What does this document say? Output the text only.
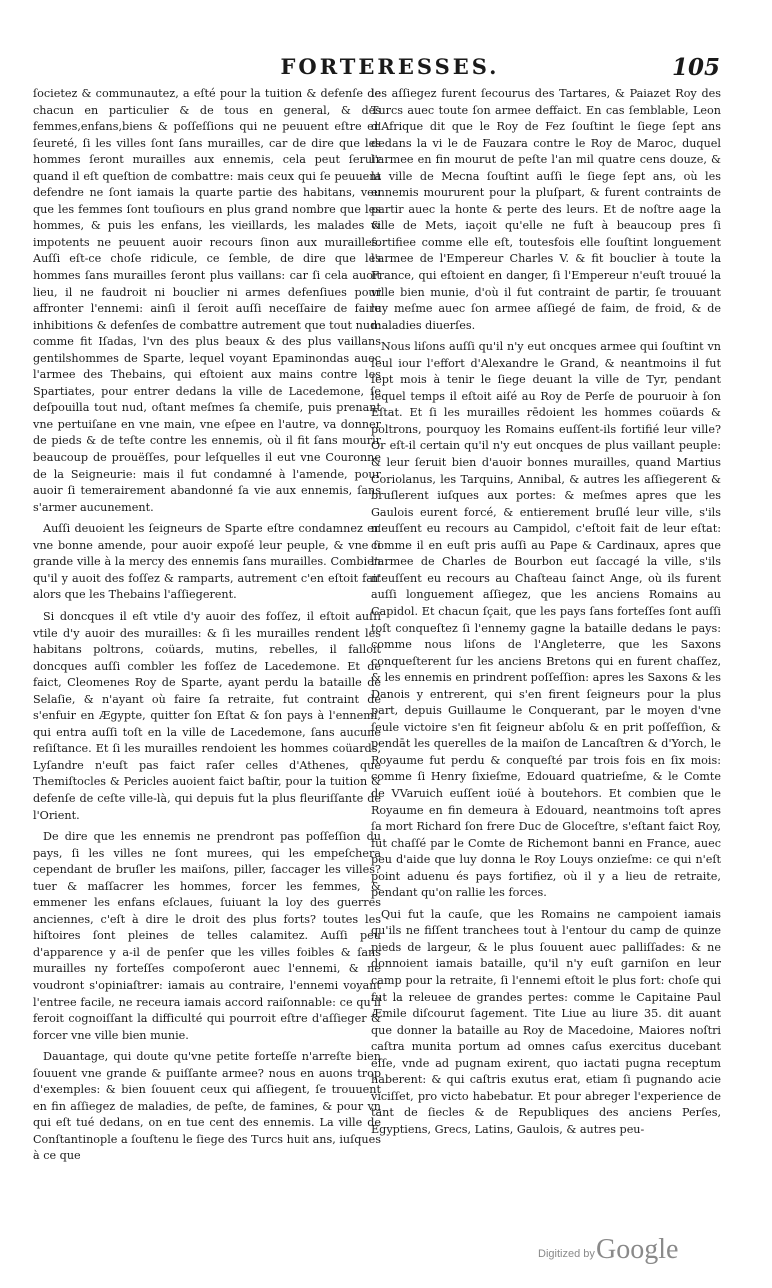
FORTERESSES.	105

ſocietez & communautez, a eſté pour la tuition & defenſe de chacun en particulier & de tous en general, & des femmes,enfans,biens & poſſeſſions qui ne peuuent eſtre en ſeureté, ſi les villes ſont ſans murailles, car de dire que les hommes ſeront murailles aux ennemis, cela peut ſeruir quand il eſt queſtion de combattre: mais ceux qui ſe peuuent defendre ne ſont iamais la quarte partie des habitans, veu que les femmes ſont touſiours en plus grand nombre que les hommes, & puis les enfans, les vieillards, les malades & impotents ne peuuent auoir recours ſinon aux murailles. Auſſi eſt-ce choſe ridicule, ce ſemble, de dire que les hommes ſans murailles ſeront plus vaillans: car ſi cela auoit lieu, il ne faudroit ni bouclier ni armes defenſiues pour affronter l'ennemi: ainſi il ſeroit auſſi neceſſaire de faire inhibitions & defenſes de combattre autrement que tout nud: comme fit Iſadas, l'vn des plus beaux & des plus vaillans gentilshommes de Sparte, lequel voyant Epaminondas auec l'armee des Thebains, qui eſtoient aux mains contre les Spartiates, pour entrer dedans la ville de Lacedemone, ſe deſpouilla tout nud, oſtant meſmes ſa chemiſe, puis prenant vne pertuiſane en vne main, vne eſpee en l'autre, va donner de pieds & de teſte contre les ennemis, où il fit ſans mourir beaucoup de prouëſſes, pour leſquelles il eut vne Couronne de la Seigneurie: mais il fut condamné à l'amende, pour auoir ſi temerairement abandonné ſa vie aux ennemis, ſans s'armer aucunement.

Auſſi deuoient les ſeigneurs de Sparte eſtre condamnez en vne bonne amende, pour auoir expoſé leur peuple, & vne ſi grande ville à la mercy des ennemis ſans murailles. Combien qu'il y auoit des foſſez & ramparts, autrement c'en eſtoit fait alors que les Thebains l'aſſiegerent.

Si doncques il eſt vtile d'y auoir des foſſez, il eſtoit auſſi vtile d'y auoir des murailles: & ſi les murailles rendent les habitans poltrons, coüards, mutins, rebelles, il falloit doncques auſſi combler les foſſez de Lacedemone. Et de faict, Cleomenes Roy de Sparte, ayant perdu la bataille de Selaſie, & n'ayant où faire ſa retraite, fut contraint de s'enfuir en Ægypte, quitter ſon Eſtat & ſon pays à l'ennemi, qui entra auſſi toſt en la ville de Lacedemone, ſans aucune reſiſtance. Et ſi les murailles rendoient les hommes coüards, Lyſandre n'euſt pas faict raſer celles d'Athenes, que Themiſtocles & Pericles auoient faict baſtir, pour la tuition & defenſe de ceſte ville-là, qui depuis fut la plus fleuriſſante de l'Orient.

De dire que les ennemis ne prendront pas poſſeſſion du pays, ſi les villes ne ſont murees, qui les empeſchera cependant de bruſler les maiſons, piller, ſaccager les villes? tuer & maſſacrer les hommes, forcer les femmes, & emmener les enfans eſclaues, ſuiuant la loy des guerres anciennes, c'eſt à dire le droit des plus forts? toutes les hiſtoires ſont pleines de telles calamitez. Auſſi peu d'apparence y a-il de penſer que les villes foibles & ſans murailles ny forteſſes compoſeront auec l'ennemi, & ne voudront s'opiniaſtrer: iamais au contraire, l'ennemi voyant l'entree facile, ne receura iamais accord raiſonnable: ce qu'il feroit cognoiſſant la difficulté qui pourroit eſtre d'aſſieger & forcer vne ville bien munie.

Dauantage, qui doute qu'vne petite forteſſe n'arreſte bien ſouuent vne grande & puiſſante armee? nous en auons trop d'exemples: & bien ſouuent ceux qui aſſiegent, ſe trouuent en fin aſſiegez de maladies, de peſte, de famines, & pour vn qui eſt tué dedans, on en tue cent des ennemis. La ville de Conſtantinople a ſouſtenu le ſiege des Turcs huit ans, iuſques à ce que

les aſſiegez furent ſecourus des Tartares, & Paiazet Roy des Turcs auec toute ſon armee deffaict. En cas ſemblable, Leon d'Afrique dit que le Roy de Fez ſouſtint le ſiege ſept ans dedans la vi le de Fauzara contre le Roy de Maroc, duquel l'armee en fin mourut de peſte l'an mil quatre cens douze, & la ville de Mecna ſouſtint auſſi le ſiege ſept ans, où les ennemis moururent pour la pluſpart, & furent contraints de partir auec la honte & perte des leurs. Et de noſtre aage la ville de Mets, iaçoit qu'elle ne fuſt à beaucoup pres ſi fortifiee comme elle eſt, toutesfois elle ſouſtint longuement l'armee de l'Empereur Charles V. & fit bouclier à toute la France, qui eſtoient en danger, ſi l'Empereur n'euſt trouué la ville bien munie, d'où il fut contraint de partir, ſe trouuant luy meſme auec ſon armee aſſiegé de faim, de froid, & de maladies diuerſes.

Nous liſons auſſi qu'il n'y eut oncques armee qui ſouſtint vn ſeul iour l'effort d'Alexandre le Grand, & neantmoins il fut ſept mois à tenir le ſiege deuant la ville de Tyr, pendant lequel temps il eſtoit aiſé au Roy de Perſe de pouruoir à ſon Eſtat. Et ſi les murailles rēdoient les hommes coüards & poltrons, pourquoy les Romains euſſent-ils fortifié leur ville? Or eſt-il certain qu'il n'y eut oncques de plus vaillant peuple: & leur ſeruit bien d'auoir bonnes murailles, quand Martius Coriolanus, les Tarquins, Annibal, & autres les aſſiegerent & bruſlerent iuſques aux portes: & meſmes apres que les Gaulois eurent forcé, & entierement bruſlé leur ville, s'ils n'euſſent eu recours au Campidol, c'eſtoit fait de leur eſtat: comme il en euſt pris auſſi au Pape & Cardinaux, apres que l'armee de Charles de Bourbon eut ſaccagé la ville, s'ils n'euſſent eu recours au Chaſteau ſainct Ange, où ils furent auſſi longuement aſſiegez, que les anciens Romains au Capidol. Et chacun ſçait, que les pays ſans forteſſes ſont auſſi toſt conqueſtez ſi l'ennemy gagne la bataille dedans le pays: comme nous liſons de l'Angleterre, que les Saxons conqueſterent ſur les anciens Bretons qui en furent chaſſez, & les ennemis en prindrent poſſeſſion: apres les Saxons & les Danois y entrerent, qui s'en firent ſeigneurs pour la plus part, depuis Guillaume le Conquerant, par le moyen d'vne ſeule victoire s'en fit ſeigneur abſolu & en prit poſſeſſion, & pendāt les querelles de la maiſon de Lancaſtren & d'Yorch, le Royaume fut perdu & conqueſté par trois fois en ſix mois: comme ſi Henry ſixieſme, Edouard quatrieſme, & le Comte de VVaruich euſſent ioüé à boutehors. Et combien que le Royaume en fin demeura à Edouard, neantmoins toſt apres ſa mort Richard ſon frere Duc de Gloceſtre, s'eſtant faict Roy, fut chaſſé par le Comte de Richemont banni en France, auec peu d'aide que luy donna le Roy Louys onzieſme: ce qui n'eſt point aduenu és pays fortifiez, où il y a lieu de retraite, pendant qu'on rallie les forces.

Qui fut la cauſe, que les Romains ne campoient iamais qu'ils ne fiſſent tranchees tout à l'entour du camp de quinze pieds de largeur, & le plus ſouuent auec palliſſades: & ne donnoient iamais bataille, qu'il n'y euſt garniſon en leur camp pour la retraite, ſi l'ennemi eſtoit le plus fort: choſe qui fut la releuee de grandes pertes: comme le Capitaine Paul Æmile diſcourut ſagement. Tite Liue au liure 35. dit auant que donner la bataille au Roy de Macedoine, Maiores noſtri caſtra munita portum ad omnes caſus exercitus ducebant eſſe, vnde ad pugnam exirent, quo iactati pugna receptum haberent: & qui caſtris exutus erat, etiam ſi pugnando acie viciſſet, pro victo habebatur. Et pour abreger l'experience de tant de ſiecles & de Republiques des anciens Perſes, Egyptiens, Grecs, Latins, Gaulois, & autres peu-

Digitized by Google
